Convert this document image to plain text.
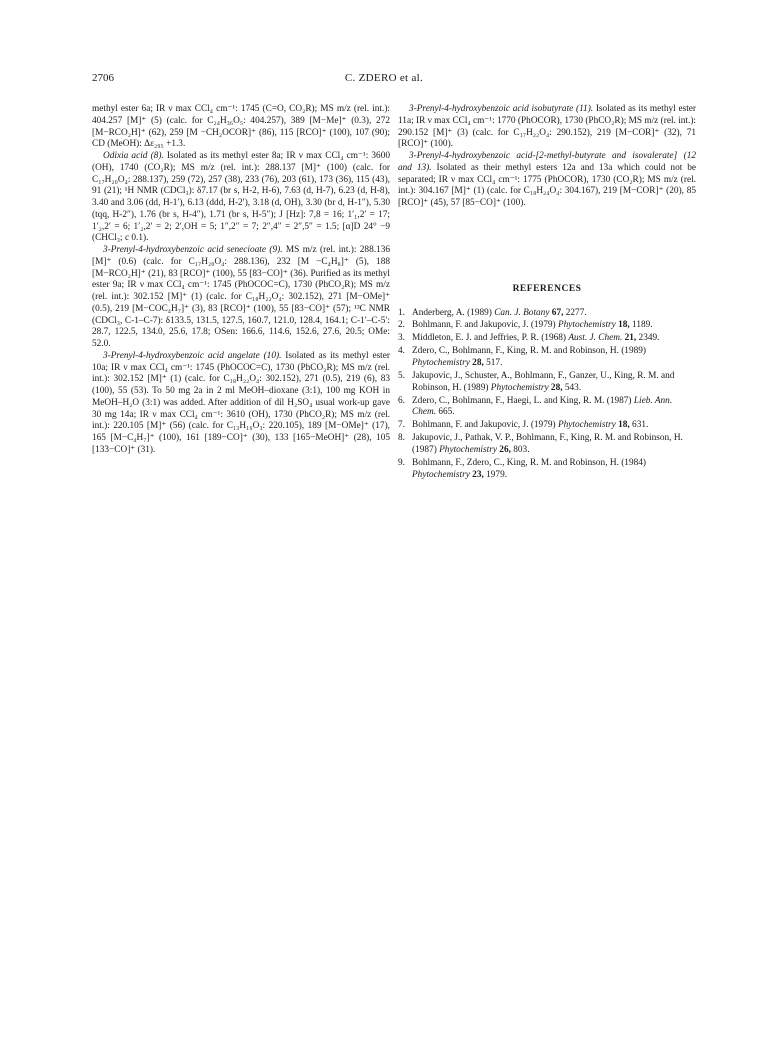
2706	C. ZDERO et al.

methyl ester 6a; IR ν max CCl₄ cm⁻¹: 1745 (C=O, CO₂R); MS m/z (rel. int.): 404.257 [M]⁺ (5) (calc. for C₂₄H₃₆O₅: 404.257), 389 [M−Me]⁺ (0.3), 272 [M−RCO₂H]⁺ (62), 259 [M −CH₂OCOR]⁺ (86), 115 [RCO]⁺ (100), 107 (90); CD (MeOH): Δε₂₉₅ +1.3.

Odixia acid (8). Isolated as its methyl ester 8a; IR ν max CCl₄ cm⁻¹: 3600 (OH), 1740 (CO₂R); MS m/z (rel. int.): 288.137 [M]⁺ (100) (calc. for C₁₇H₂₀O₄: 288.137), 259 (72), 257 (38), 233 (76), 203 (61), 173 (36), 115 (43), 91 (21); ¹H NMR (CDCl₃): δ7.17 (br s, H-2, H-6), 7.63 (d, H-7), 6.23 (d, H-8), 3.40 and 3.06 (dd, H-1′), 6.13 (ddd, H-2′), 3.18 (d, OH), 3.30 (br d, H-1″), 5.30 (tqq, H-2″), 1.76 (br s, H-4″), 1.71 (br s, H-5″); J [Hz]: 7,8 = 16; 1′₁,2′ = 17; 1′₂,2′ = 6; 1′₂,2′ = 2; 2′,OH = 5; 1″,2″ = 7; 2″,4″ = 2″,5″ = 1.5; [α]D 24° −9 (CHCl₃; c 0.1).

3-Prenyl-4-hydroxybenzoic acid senecioate (9). MS m/z (rel. int.): 288.136 [M]⁺ (0.6) (calc. for C₁₇H₂₀O₄: 288.136), 232 [M −C₄H₈]⁺ (5), 188 [M−RCO₂H]⁺ (21), 83 [RCO]⁺ (100), 55 [83−CO]⁺ (36). Purified as its methyl ester 9a; IR ν max CCl₄ cm⁻¹: 1745 (PhOCOC=C), 1730 (PhCO₂R); MS m/z (rel. int.): 302.152 [M]⁺ (1) (calc. for C₁₈H₂₂O₄: 302.152), 271 [M−OMe]⁺ (0.5), 219 [M−COC₄H₇]⁺ (3), 83 [RCO]⁺ (100), 55 [83−CO]⁺ (57); ¹³C NMR (CDCl₃, C-1–C-7): δ133.5, 131.5, 127.5, 160.7, 121.0, 128.4, 164.1; C-1′–C-5′: 28.7, 122.5, 134.0, 25.6, 17.8; OSen: 166.6, 114.6, 152.6, 27.6, 20.5; OMe: 52.0.

3-Prenyl-4-hydroxybenzoic acid angelate (10). Isolated as its methyl ester 10a; IR ν max CCl₄ cm⁻¹: 1745 (PhOCOC=C), 1730 (PhCO₂R); MS m/z (rel. int.): 302.152 [M]⁺ (1) (calc. for C₁₈H₂₂O₄: 302.152), 271 (0.5), 219 (6), 83 (100), 55 (53). To 50 mg 2a in 2 ml MeOH–dioxane (3:1), 100 mg KOH in MeOH–H₂O (3:1) was added. After addition of dil H₂SO₄ usual work-up gave 30 mg 14a; IR ν max CCl₄ cm⁻¹: 3610 (OH), 1730 (PhCO₂R); MS m/z (rel. int.): 220.105 [M]⁺ (56) (calc. for C₁₃H₁₆O₃: 220.105), 189 [M−OMe]⁺ (17), 165 [M−C₄H₇]⁺ (100), 161 [189−CO]⁺ (30), 133 [165−MeOH]⁺ (28), 105 [133−CO]⁺ (31).

3-Prenyl-4-hydroxybenzoic acid isobutyrate (11). Isolated as its methyl ester 11a; IR ν max CCl₄ cm⁻¹: 1770 (PhOCOR), 1730 (PhCO₂R); MS m/z (rel. int.): 290.152 [M]⁺ (3) (calc. for C₁₇H₂₂O₄: 290.152), 219 [M−COR]⁺ (32), 71 [RCO]⁺ (100).

3-Prenyl-4-hydroxybenzoic acid-[2-methyl-butyrate and isovalerate] (12 and 13). Isolated as their methyl esters 12a and 13a which could not be separated; IR ν max CCl₄ cm⁻¹: 1775 (PhOCOR), 1730 (CO₂R); MS m/z (rel. int.): 304.167 [M]⁺ (1) (calc. for C₁₈H₂₄O₄: 304.167), 219 [M−COR]⁺ (20), 85 [RCO]⁺ (45), 57 [85−CO]⁺ (100).

REFERENCES
1. Anderberg, A. (1989) Can. J. Botany 67, 2277.
2. Bohlmann, F. and Jakupovic, J. (1979) Phytochemistry 18, 1189.
3. Middleton, E. J. and Jeffries, P. R. (1968) Aust. J. Chem. 21, 2349.
4. Zdero, C., Bohlmann, F., King, R. M. and Robinson, H. (1989) Phytochemistry 28, 517.
5. Jakupovic, J., Schuster, A., Bohlmann, F., Ganzer, U., King, R. M. and Robinson, H. (1989) Phytochemistry 28, 543.
6. Zdero, C., Bohlmann, F., Haegi, L. and King, R. M. (1987) Lieb. Ann. Chem. 665.
7. Bohlmann, F. and Jakupovic, J. (1979) Phytochemistry 18, 631.
8. Jakupovic, J., Pathak, V. P., Bohlmann, F., King, R. M. and Robinson, H. (1987) Phytochemistry 26, 803.
9. Bohlmann, F., Zdero, C., King, R. M. and Robinson, H. (1984) Phytochemistry 23, 1979.
